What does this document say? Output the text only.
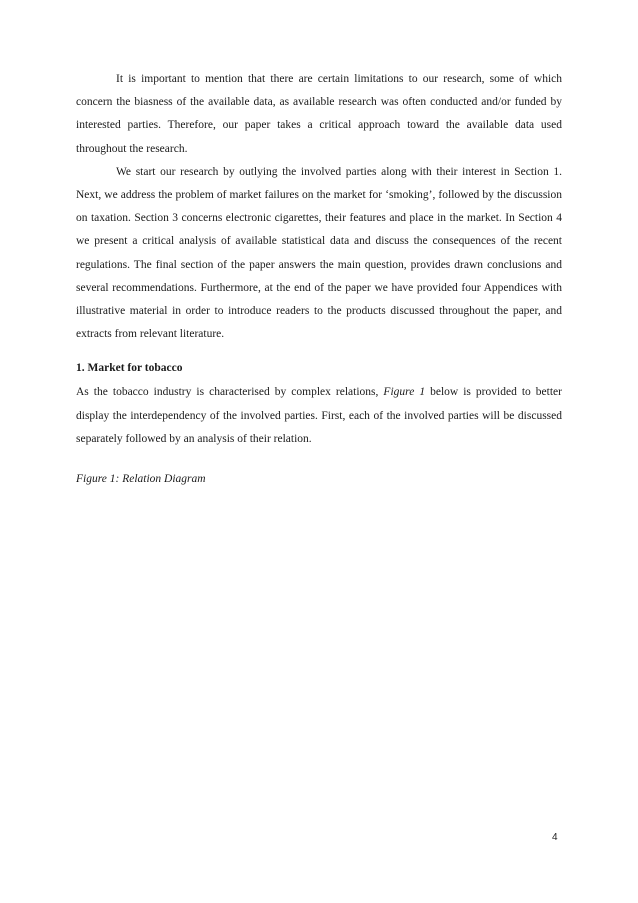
It is important to mention that there are certain limitations to our research, some of which concern the biasness of the available data, as available research was often conducted and/or funded by interested parties. Therefore, our paper takes a critical approach toward the available data used throughout the research.

We start our research by outlying the involved parties along with their interest in Section 1. Next, we address the problem of market failures on the market for ‘smoking’, followed by the discussion on taxation. Section 3 concerns electronic cigarettes, their features and place in the market. In Section 4 we present a critical analysis of available statistical data and discuss the consequences of the recent regulations. The final section of the paper answers the main question, provides drawn conclusions and several recommendations. Furthermore, at the end of the paper we have provided four Appendices with illustrative material in order to introduce readers to the products discussed throughout the paper, and extracts from relevant literature.

1. Market for tobacco

As the tobacco industry is characterised by complex relations, Figure 1 below is provided to better display the interdependency of the involved parties. First, each of the involved parties will be discussed separately followed by an analysis of their relation.

Figure 1: Relation Diagram

4
